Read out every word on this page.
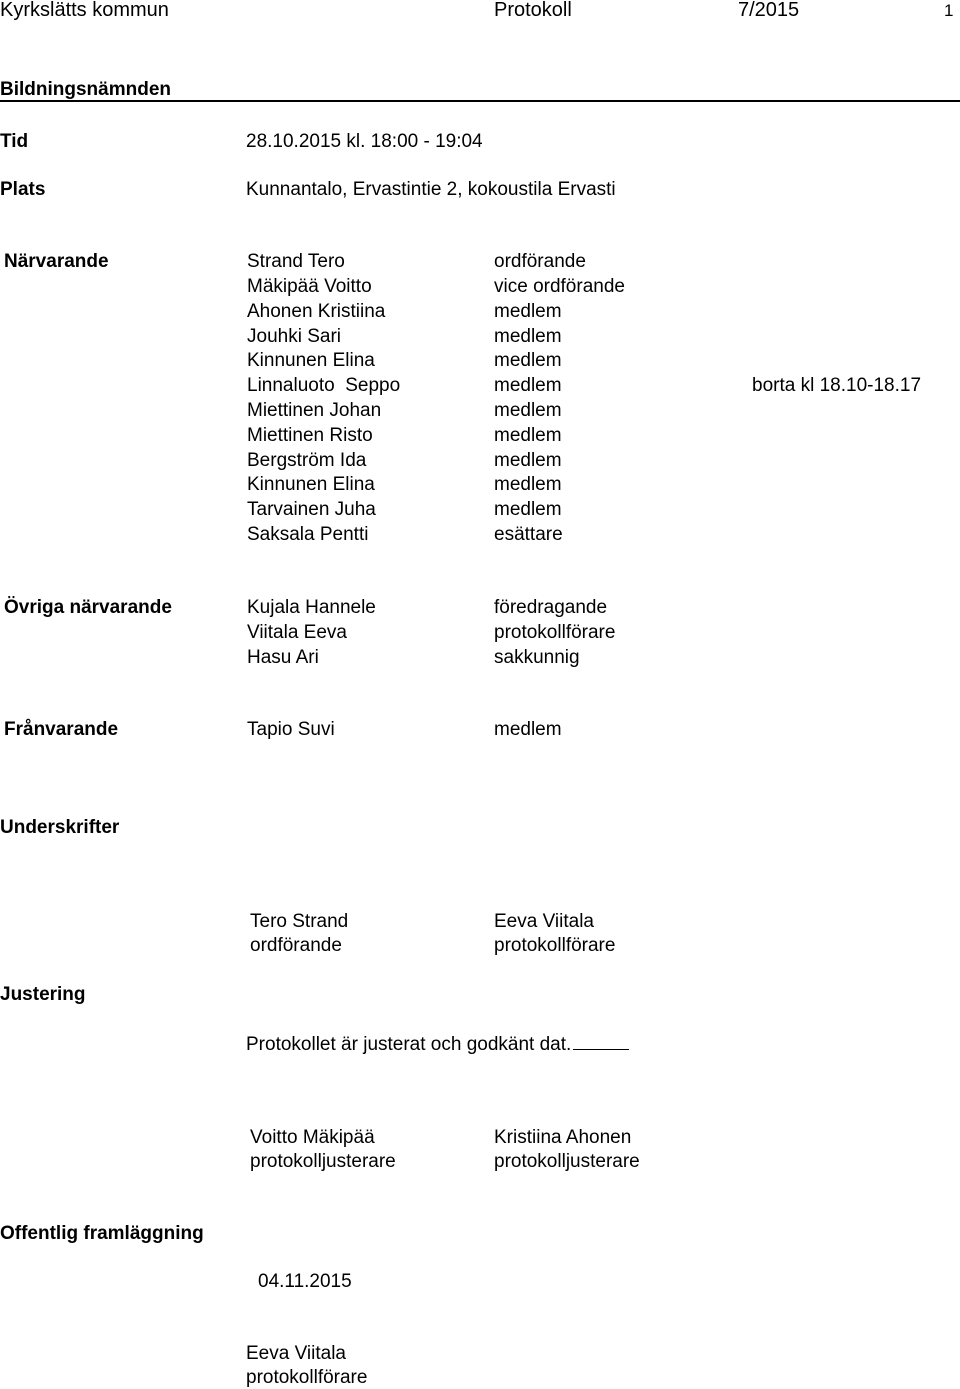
Kyrkslätts kommun	Protokoll	7/2015	1
Bildningsnämnden
Tid	28.10.2015 kl. 18:00 - 19:04
Plats	Kunnantalo, Ervastintie 2, kokoustila Ervasti
Närvarande	Strand Tero	ordförande
Mäkipää Voitto	vice ordförande
Ahonen Kristiina	medlem
Jouhki Sari	medlem
Kinnunen Elina	medlem
Linnaluoto  Seppo	medlem	borta kl 18.10-18.17
Miettinen Johan	medlem
Miettinen Risto	medlem
Bergström Ida	medlem
Kinnunen Elina	medlem
Tarvainen Juha	medlem
Saksala Pentti	esättare
Övriga närvarande	Kujala Hannele	föredragande
Viitala Eeva	protokollförare
Hasu Ari	sakkunnig
Frånvarande	Tapio Suvi	medlem
Underskrifter
Tero Strand
ordförande
Eeva Viitala
protokollförare
Justering
Protokollet är justerat och godkänt dat.
Voitto Mäkipää
protokolljusterare
Kristiina Ahonen
protokolljusterare
Offentlig framläggning
04.11.2015
Eeva Viitala
protokollförare
